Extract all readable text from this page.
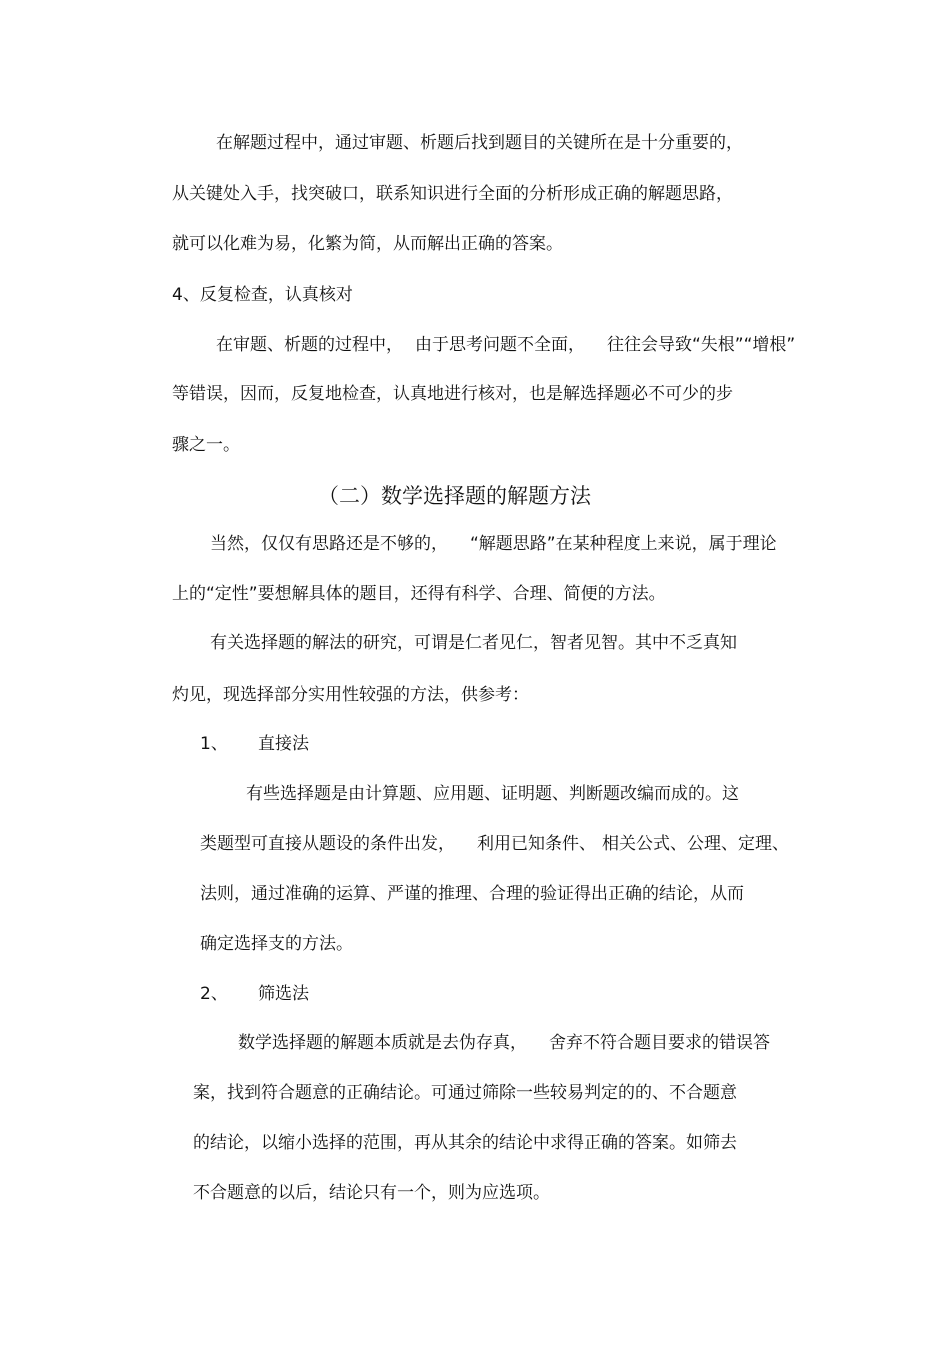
在解题过程中，通过审题、析题后找到题目的关键所在是十分重要的，
从关键处入手，找突破口，联系知识进行全面的分析形成正确的解题思路，
就可以化难为易，化繁为简，从而解出正确的答案。
4、反复检查，认真核对
在审题、析题的过程中， 由于思考问题不全面， 往往会导致“失根”“增根”
等错误，因而，反复地检查，认真地进行核对，也是解选择题必不可少的步
骤之一。
（二）数学选择题的解题方法
当然，仅仅有思路还是不够的， “解题思路”在某种程度上来说，属于理论
上的“定性”要想解具体的题目，还得有科学、合理、简便的方法。
有关选择题的解法的研究，可谓是仁者见仁，智者见智。其中不乏真知
灼见，现选择部分实用性较强的方法，供参考：
1、 直接法
有些选择题是由计算题、应用题、证明题、判断题改编而成的。这
类题型可直接从题设的条件出发， 利用已知条件、 相关公式、公理、定理、
法则，通过准确的运算、严谨的推理、合理的验证得出正确的结论，从而
确定选择支的方法。
2、 筛选法
数学选择题的解题本质就是去伪存真， 舍弃不符合题目要求的错误答
案，找到符合题意的正确结论。可通过筛除一些较易判定的的、不合题意
的结论，以缩小选择的范围，再从其余的结论中求得正确的答案。如筛去
不合题意的以后，结论只有一个，则为应选项。
